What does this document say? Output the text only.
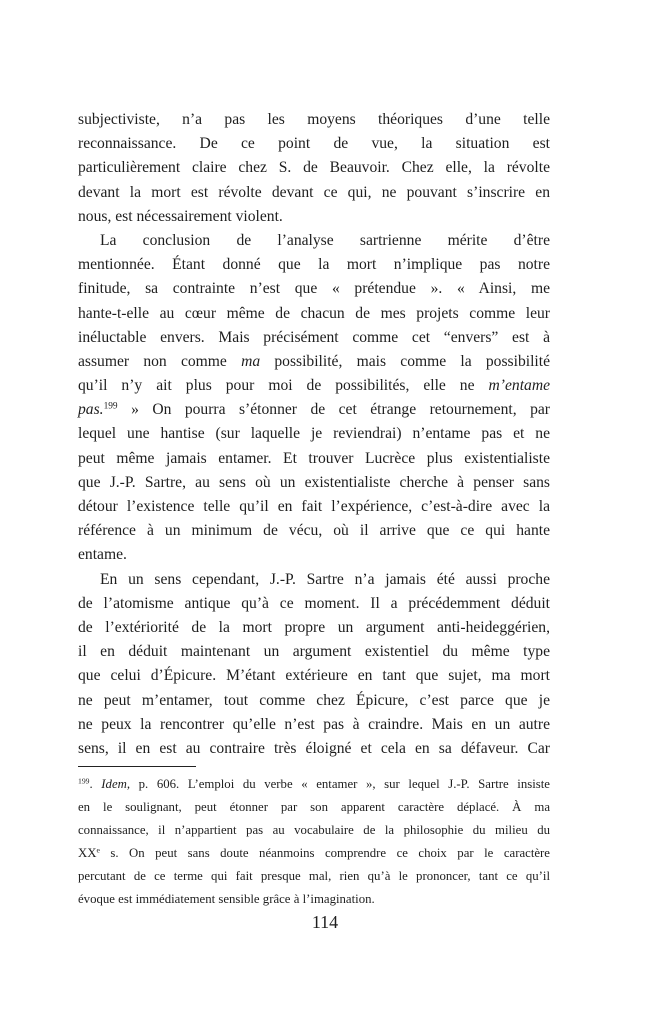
subjectiviste, n’a pas les moyens théoriques d’une telle
reconnaissance. De ce point de vue, la situation est
particulièrement claire chez S. de Beauvoir. Chez elle, la révolte
devant la mort est révolte devant ce qui, ne pouvant s’inscrire en
nous, est nécessairement violent.
La conclusion de l’analyse sartrienne mérite d’être
mentionnée. Étant donné que la mort n’implique pas notre
finitude, sa contrainte n’est que « prétendue ». « Ainsi, me
hante-t-elle au cœur même de chacun de mes projets comme leur
inéluctable envers. Mais précisément comme cet “envers” est à
assumer non comme ma possibilité, mais comme la possibilité
qu’il n’y ait plus pour moi de possibilités, elle ne m’entame
pas.$^{199}$ » On pourra s’étonner de cet étrange retournement, par
lequel une hantise (sur laquelle je reviendrai) n’entame pas et ne
peut même jamais entamer. Et trouver Lucrèce plus existentialiste
que J.-P. Sartre, au sens où un existentialiste cherche à penser sans
détour l’existence telle qu’il en fait l’expérience, c’est-à-dire avec la
référence à un minimum de vécu, où il arrive que ce qui hante
entame.
En un sens cependant, J.-P. Sartre n’a jamais été aussi proche
de l’atomisme antique qu’à ce moment. Il a précédemment déduit
de l’extériorité de la mort propre un argument anti-heideggérien,
il en déduit maintenant un argument existentiel du même type
que celui d’Épicure. M’étant extérieure en tant que sujet, ma mort
ne peut m’entamer, tout comme chez Épicure, c’est parce que je
ne peux la rencontrer qu’elle n’est pas à craindre. Mais en un autre
sens, il en est au contraire très éloigné et cela en sa défaveur. Car
$^{199}$. Idem, p. 606. L’emploi du verbe « entamer », sur lequel J.-P. Sartre insiste
en le soulignant, peut étonner par son apparent caractère déplacé. À ma
connaissance, il n’appartient pas au vocabulaire de la philosophie du milieu du
XXe s. On peut sans doute néanmoins comprendre ce choix par le caractère
percutant de ce terme qui fait presque mal, rien qu’à le prononcer, tant ce qu’il
évoque est immédiatement sensible grâce à l’imagination.
114
